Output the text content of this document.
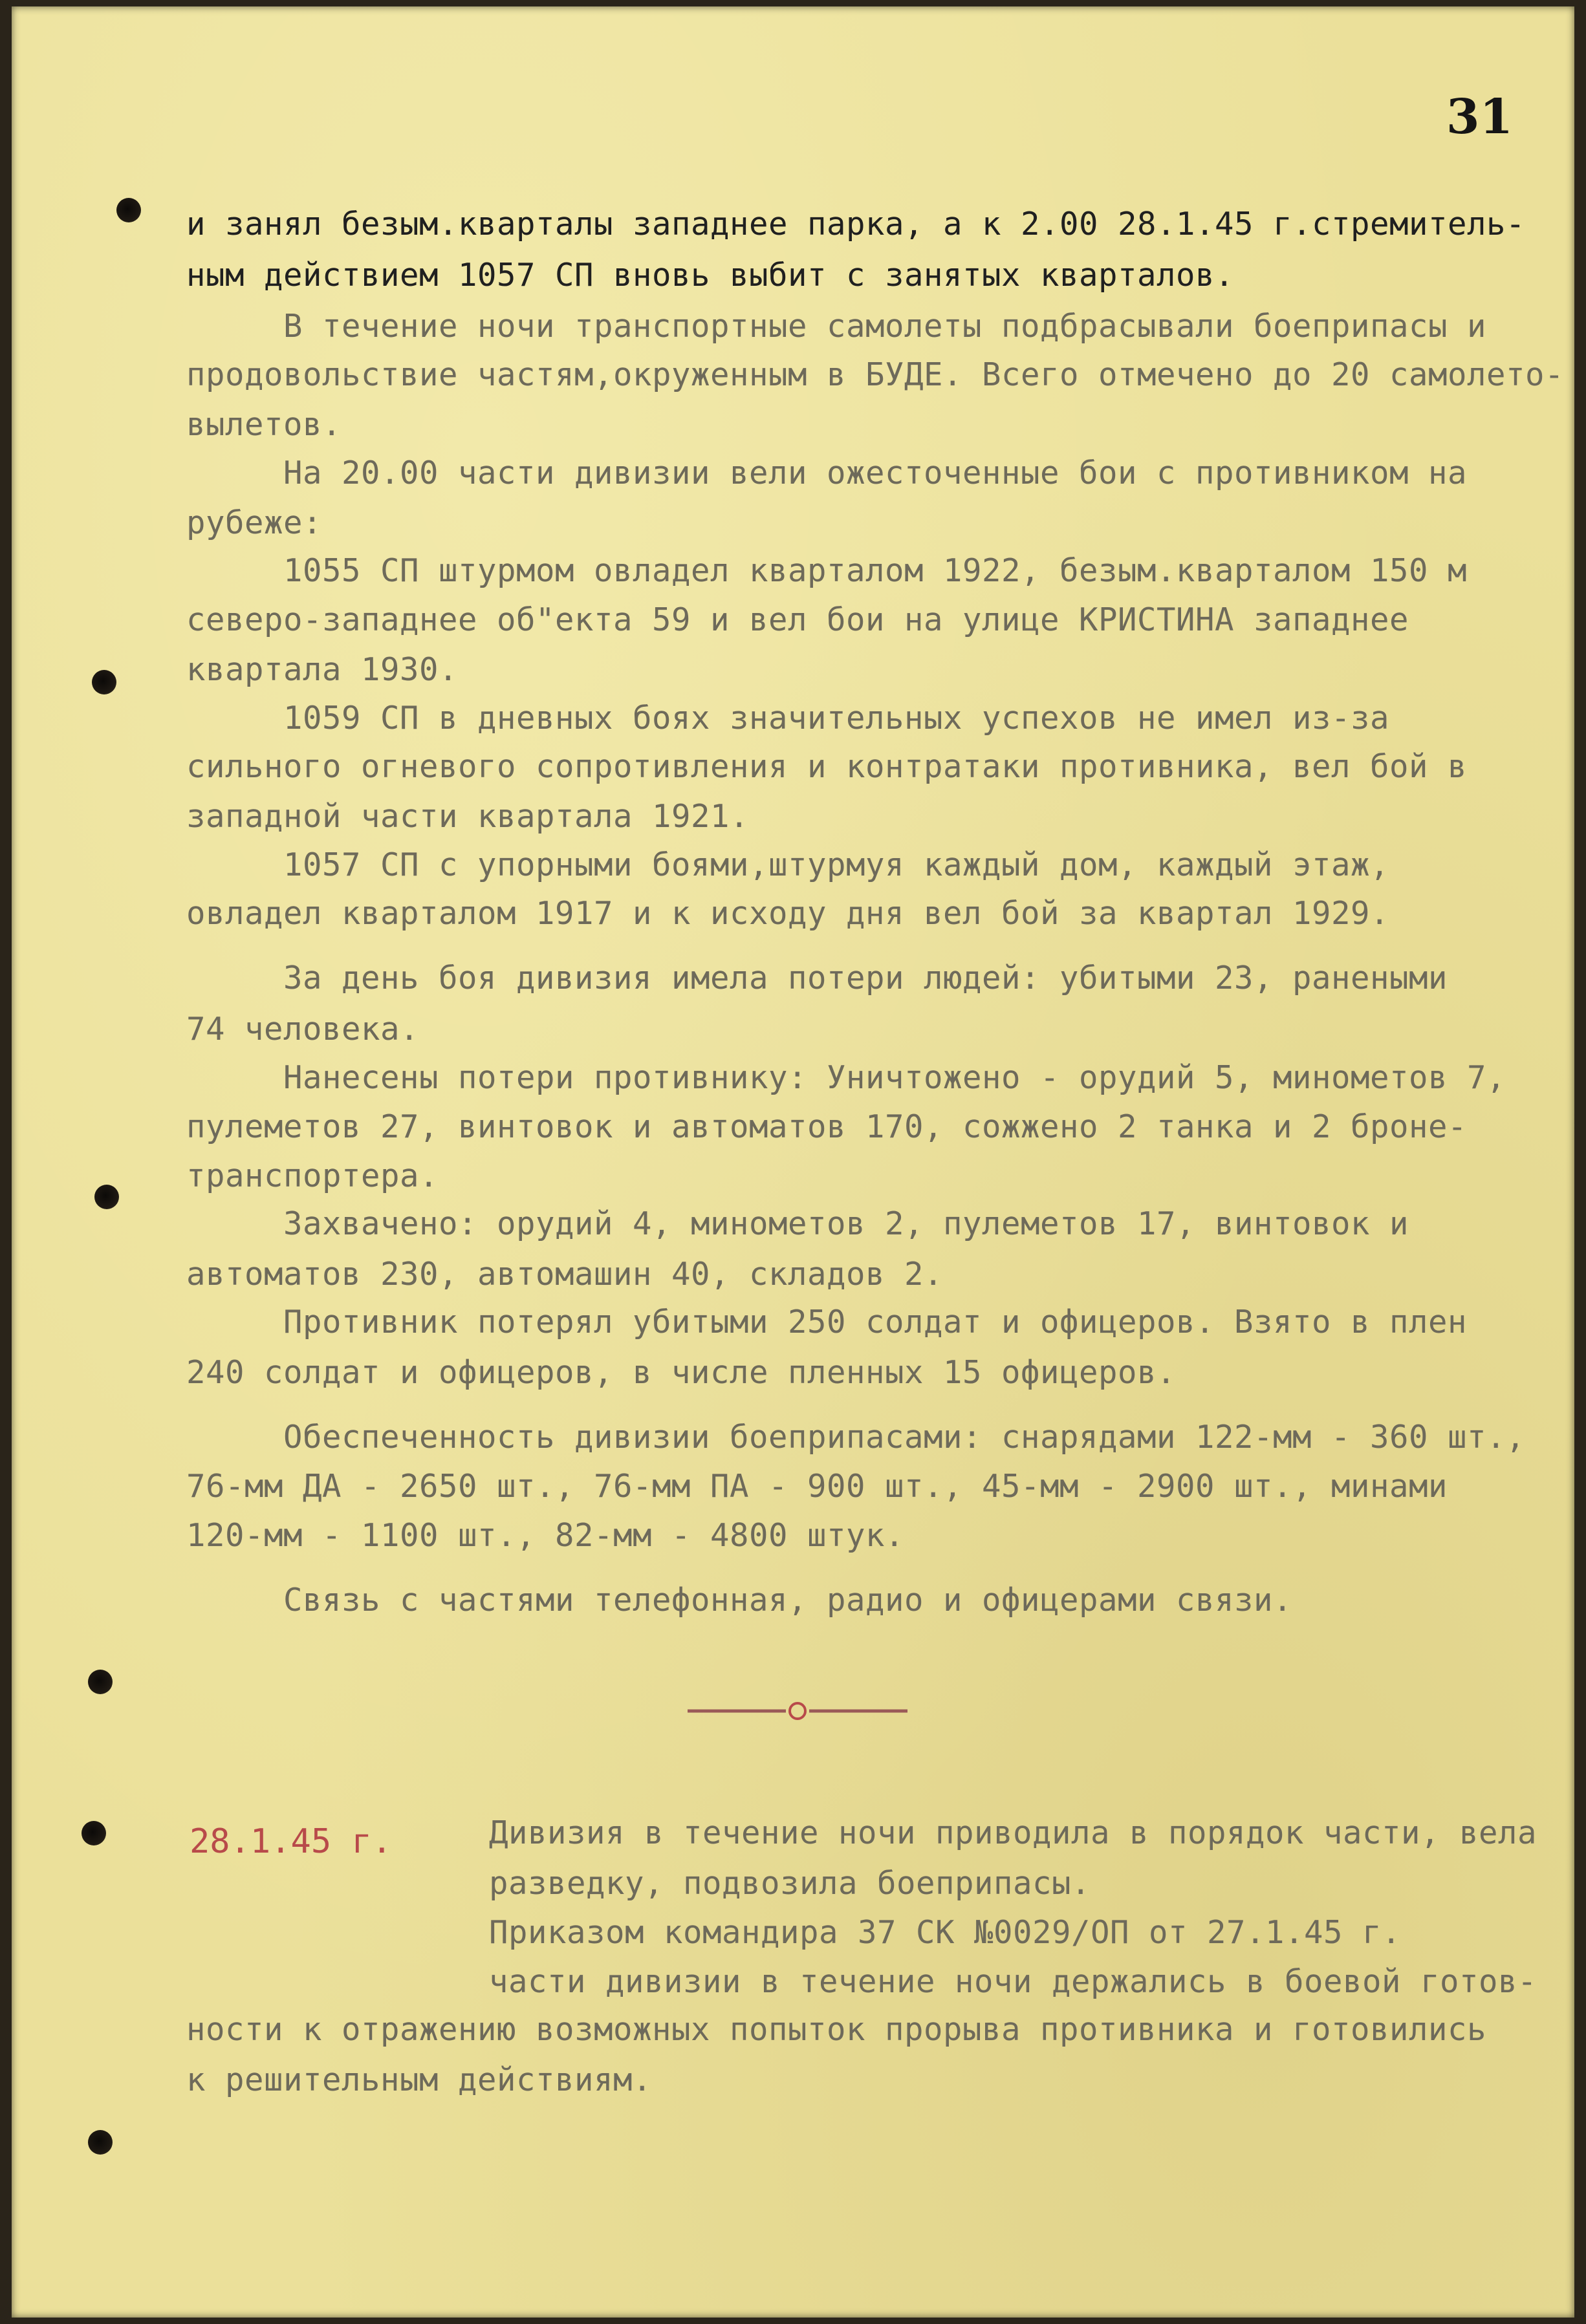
31
и занял безым.кварталы западнее парка, а к 2.00 28.1.45 г.стремитель-
ным действием 1057 СП вновь выбит с занятых кварталов.
В течение ночи транспортные самолеты подбрасывали боеприпасы и
продовольствие частям,окруженным в БУДЕ. Всего отмечено до 20 самолето-
вылетов.
На 20.00 части дивизии вели ожесточенные бои с противником на
рубеже:
1055 СП штурмом овладел кварталом 1922, безым.кварталом 150 м
северо-западнее об"екта 59 и вел бои на улице КРИСТИНА западнее
квартала 1930.
1059 СП в дневных боях значительных успехов не имел из-за
сильного огневого сопротивления и контратаки противника, вел бой в
западной части квартала 1921.
1057 СП с упорными боями,штурмуя каждый дом, каждый этаж,
овладел кварталом 1917 и к исходу дня вел бой за квартал 1929.
За день боя дивизия имела потери людей: убитыми 23, ранеными
74 человека.
Нанесены потери противнику: Уничтожено - орудий 5, минометов 7,
пулеметов 27, винтовок и автоматов 170, сожжено 2 танка и 2 броне-
транспортера.
Захвачено: орудий 4, минометов 2, пулеметов 17, винтовок и
автоматов 230, автомашин 40, складов 2.
Противник потерял убитыми 250 солдат и офицеров. Взято в плен
240 солдат и офицеров, в числе пленных 15 офицеров.
Обеспеченность дивизии боеприпасами: снарядами 122-мм - 360 шт.,
76-мм ДА - 2650 шт., 76-мм ПА - 900 шт., 45-мм - 2900 шт., минами
120-мм - 1100 шт., 82-мм - 4800 штук.
Связь с частями телефонная, радио и офицерами связи.
28.1.45 г.	Дивизия в течение ночи приводила в порядок части, вела
разведку, подвозила боеприпасы.
Приказом командира 37 СК №0029/ОП от 27.1.45 г.
части дивизии в течение ночи держались в боевой готов-
ности к отражению возможных попыток прорыва противника и готовились
к решительным действиям.
